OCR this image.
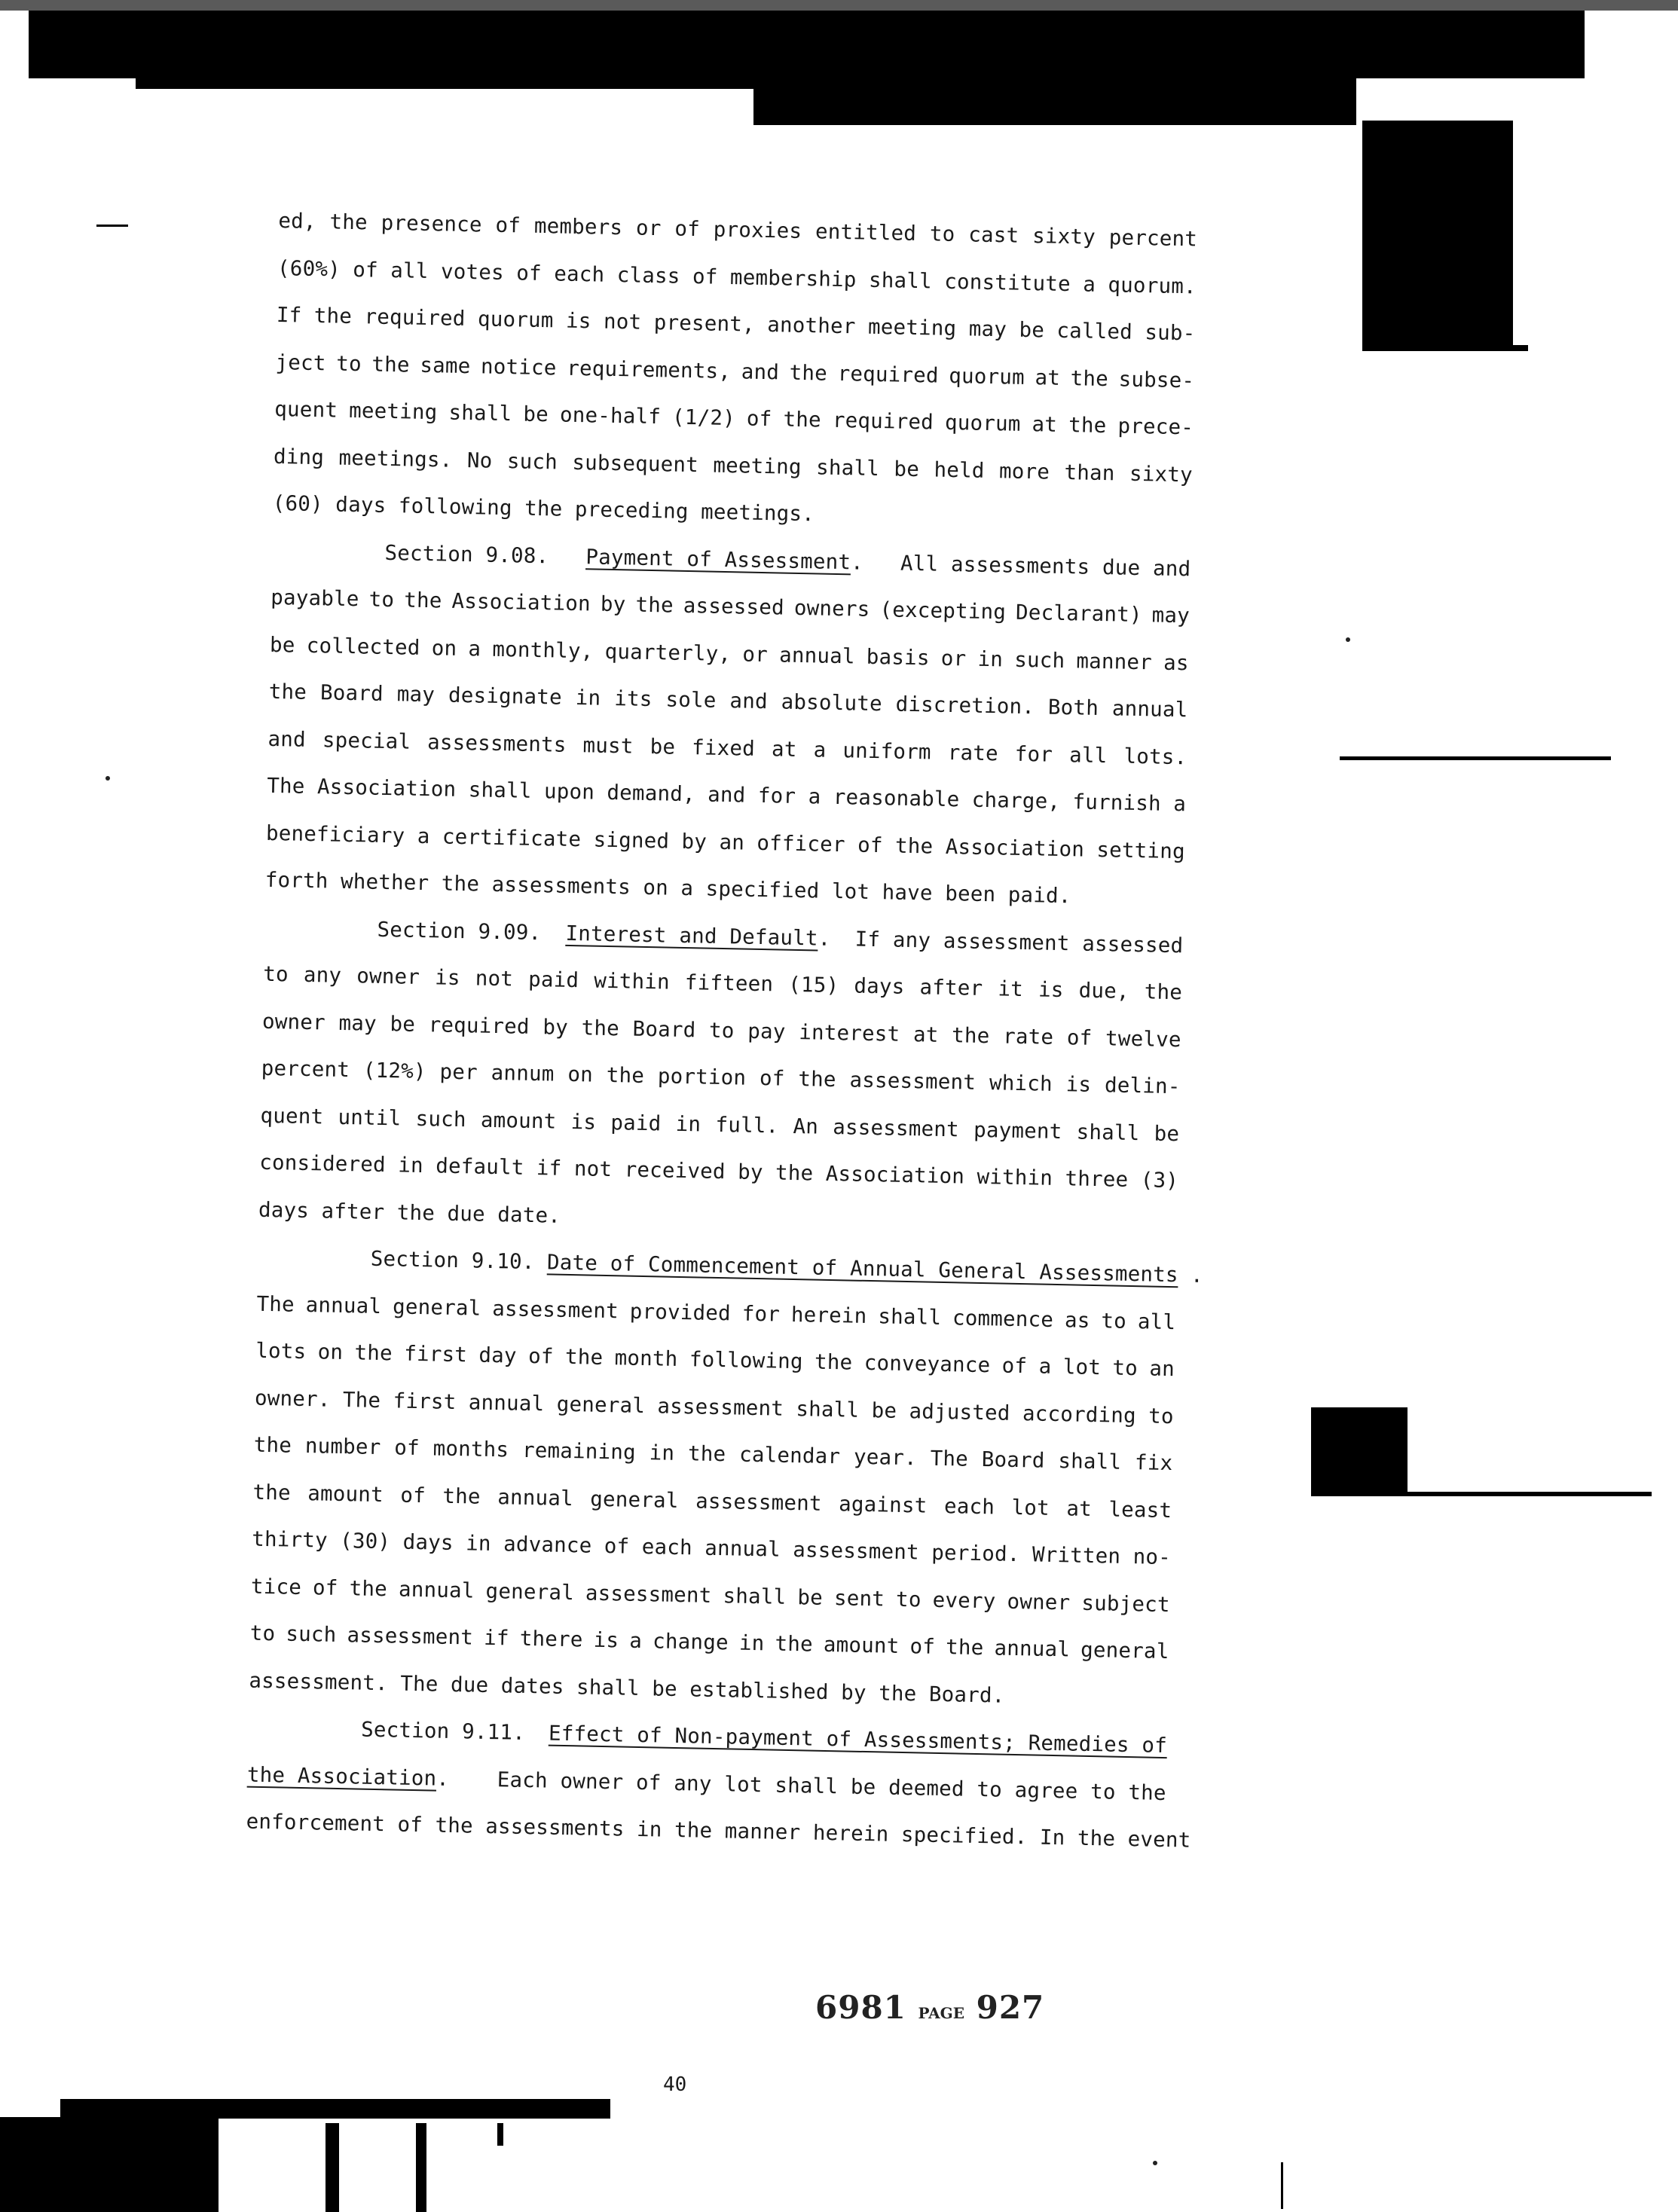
ed, the presence of members or of proxies entitled to cast sixty percent
(60%) of all votes of each class of membership shall constitute a quorum.
If the required quorum is not present, another meeting may be called sub-
ject to the same notice requirements, and the required quorum at the subse-
quent meeting shall be one-half (1/2) of the required quorum at the prece-
ding meetings. No such subsequent meeting shall be held more than sixty
(60) days following the preceding meetings.
Section 9.08. Payment of Assessment. All assessments due and
payable to the Association by the assessed owners (excepting Declarant) may
be collected on a monthly, quarterly, or annual basis or in such manner as
the Board may designate in its sole and absolute discretion. Both annual
and special assessments must be fixed at a uniform rate for all lots.
The Association shall upon demand, and for a reasonable charge, furnish a
beneficiary a certificate signed by an officer of the Association setting
forth whether the assessments on a specified lot have been paid.
Section 9.09. Interest and Default. If any assessment assessed
to any owner is not paid within fifteen (15) days after it is due, the
owner may be required by the Board to pay interest at the rate of twelve
percent (12%) per annum on the portion of the assessment which is delin-
quent until such amount is paid in full. An assessment payment shall be
considered in default if not received by the Association within three (3)
days after the due date.
Section 9.10. Date of Commencement of Annual General Assessments .
The annual general assessment provided for herein shall commence as to all
lots on the first day of the month following the conveyance of a lot to an
owner. The first annual general assessment shall be adjusted according to
the number of months remaining in the calendar year. The Board shall fix
the amount of the annual general assessment against each lot at least
thirty (30) days in advance of each annual assessment period. Written no-
tice of the annual general assessment shall be sent to every owner subject
to such assessment if there is a change in the amount of the annual general
assessment. The due dates shall be established by the Board.
Section 9.11. Effect of Non-payment of Assessments; Remedies of
the Association. Each owner of any lot shall be deemed to agree to the
enforcement of the assessments in the manner herein specified. In the event
6981 PAGE 927
40
